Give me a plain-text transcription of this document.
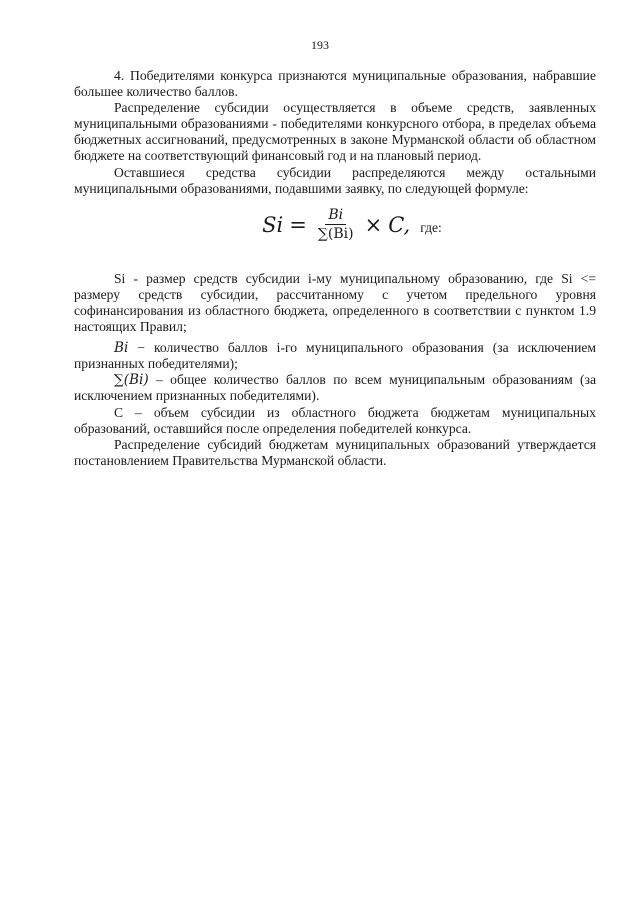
193

4. Победителями конкурса признаются муниципальные образования, набравшие большее количество баллов.

Распределение субсидии осуществляется в объеме средств, заявленных муниципальными образованиями - победителями конкурсного отбора, в пределах объема бюджетных ассигнований, предусмотренных в законе Мурманской области об областном бюджете на соответствующий финансовый год и на плановый период.

Оставшиеся средства субсидии распределяются между остальными муниципальными образованиями, подавшими заявку, по следующей формуле:

$Si = \frac{Bi}{\sum(Bi)} \times C$, где:

Si - размер средств субсидии i-му муниципальному образованию, где Si <= размеру средств субсидии, рассчитанному с учетом предельного уровня софинансирования из областного бюджета, определенного в соответствии с пунктом 1.9 настоящих Правил;

Bi − количество баллов i-го муниципального образования (за исключением признанных победителями);

∑(Bi) – общее количество баллов по всем муниципальным образованиям (за исключением признанных победителями).

С – объем субсидии из областного бюджета бюджетам муниципальных образований, оставшийся после определения победителей конкурса.

Распределение субсидий бюджетам муниципальных образований утверждается постановлением Правительства Мурманской области.
